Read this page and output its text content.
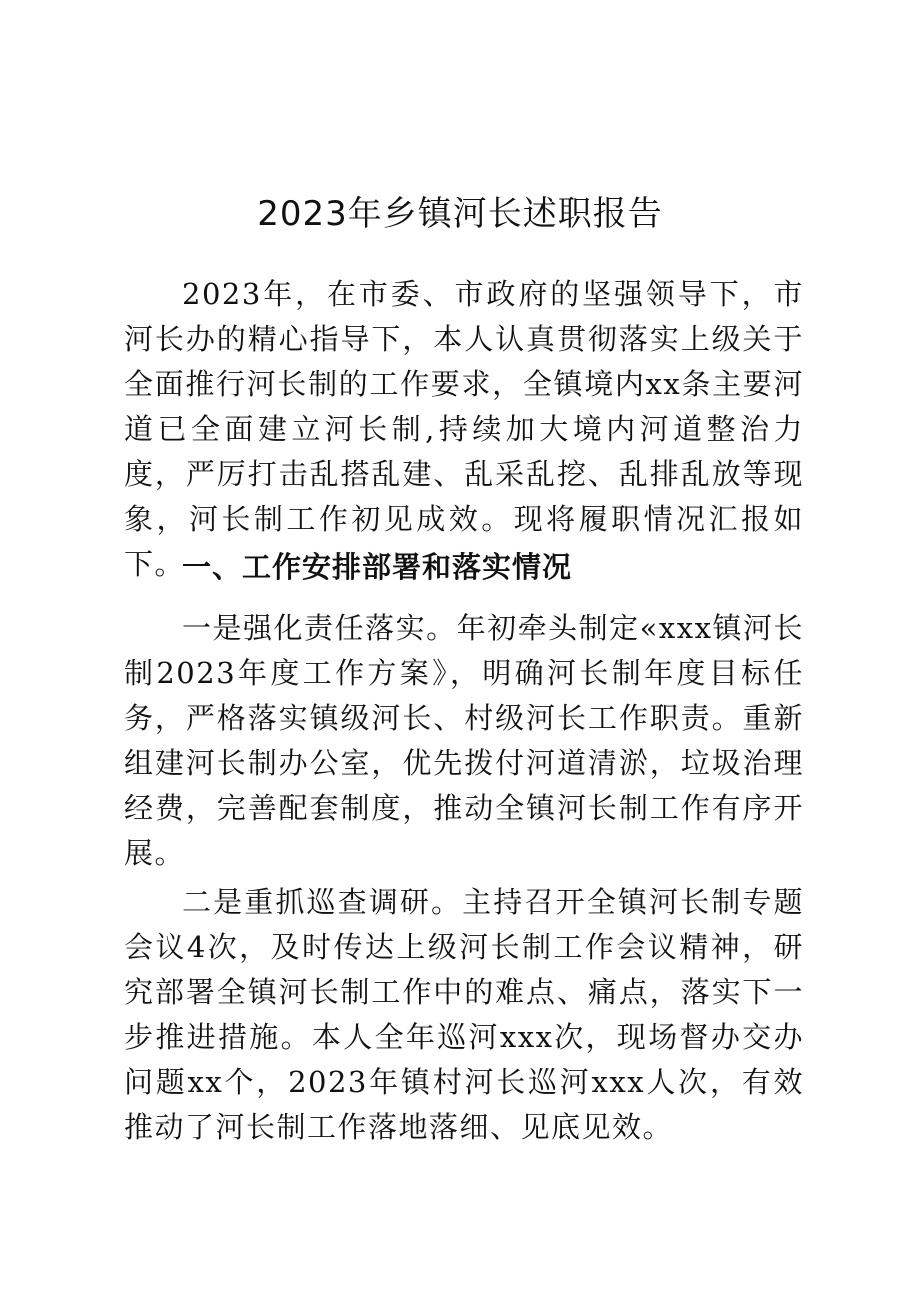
2023年乡镇河长述职报告

2023年，在市委、市政府的坚强领导下，市河长办的精心指导下，本人认真贯彻落实上级关于全面推行河长制的工作要求，全镇境内xx条主要河道已全面建立河长制,持续加大境内河道整治力度，严厉打击乱搭乱建、乱采乱挖、乱排乱放等现象，河长制工作初见成效。现将履职情况汇报如下。

一、工作安排部署和落实情况

一是强化责任落实。年初牵头制定«xxx镇河长制2023年度工作方案》，明确河长制年度目标任务，严格落实镇级河长、村级河长工作职责。重新组建河长制办公室，优先拨付河道清淤，垃圾治理经费，完善配套制度，推动全镇河长制工作有序开展。

二是重抓巡查调研。主持召开全镇河长制专题会议4次，及时传达上级河长制工作会议精神，研究部署全镇河长制工作中的难点、痛点，落实下一步推进措施。本人全年巡河xxx次，现场督办交办问题xx个，2023年镇村河长巡河xxx人次，有效推动了河长制工作落地落细、见底见效。
